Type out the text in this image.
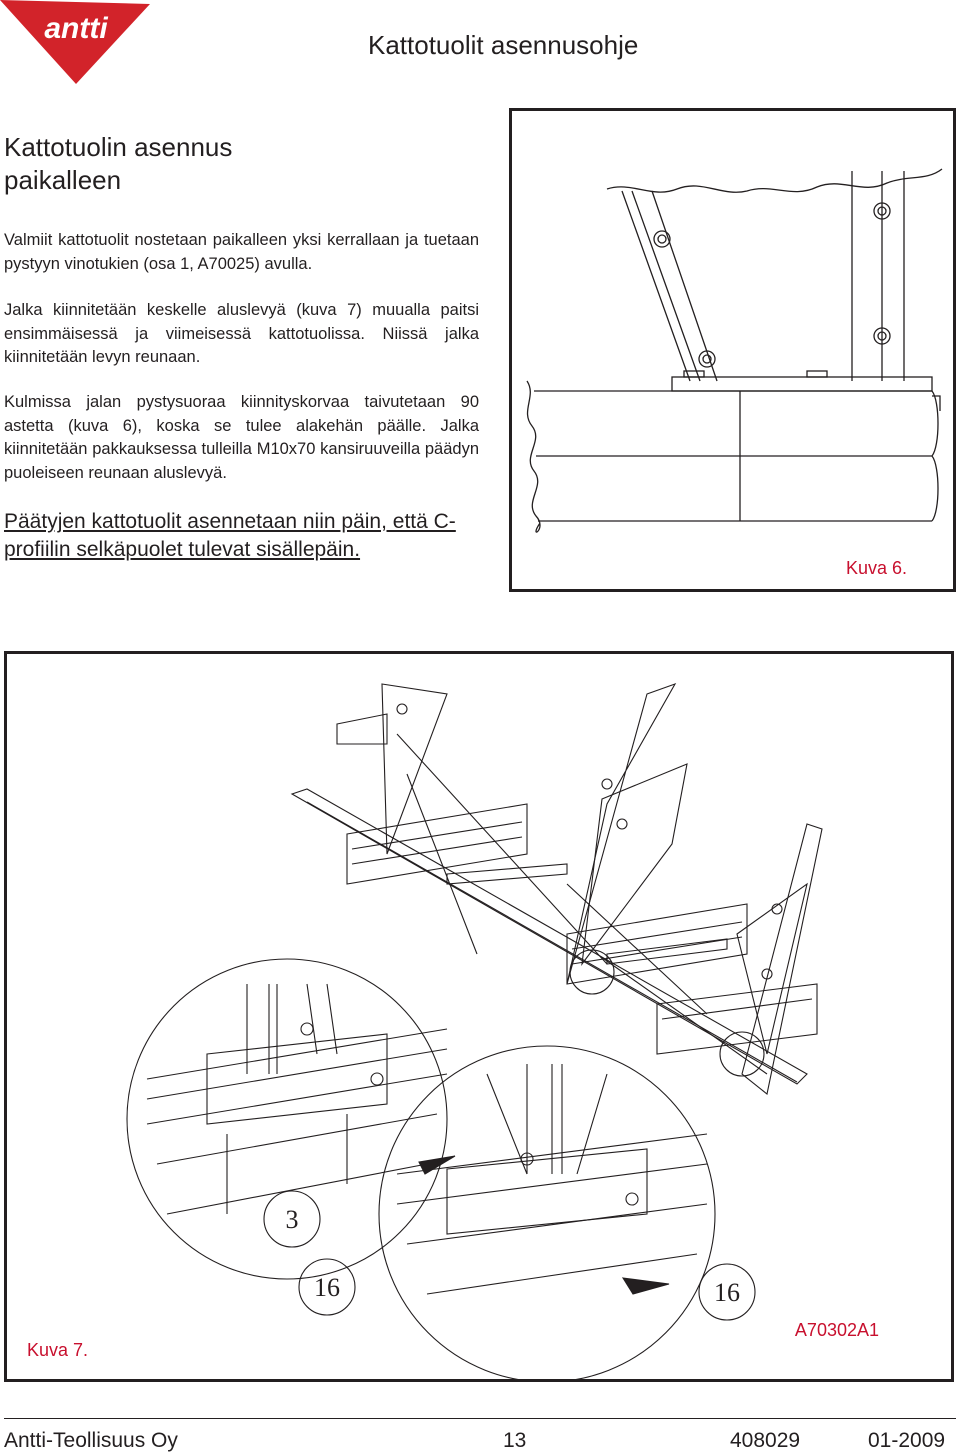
antti	Kattotuolit asennusohje
Kattotuolin asennus paikalleen

Valmiit kattotuolit nostetaan paikalleen yksi kerrallaan ja tuetaan pystyyn vinotukien (osa 1, A70025) avulla.

Jalka kiinnitetään keskelle aluslevyä (kuva 7) muualla paitsi ensimmäisessä ja viimeisessä kattotuolissa. Niissä jalka kiinnitetään levyn reunaan.

Kulmissa jalan pystysuoraa kiinnityskorvaa taivutetaan 90 astetta (kuva 6), koska se tulee alakehän päälle. Jalka kiinnitetään pakkauksessa tulleilla M10x70 kansiruuveilla päädyn puoleiseen reunaan aluslevyä.

Päätyjen kattotuolit asennetaan niin päin, että C-profiilin selkäpuolet tulevat sisällepäin.

Kuva 6.
3
16	16
Kuva 7.
A70302A1
Antti-Teollisuus Oy	13	408029	01-2009
